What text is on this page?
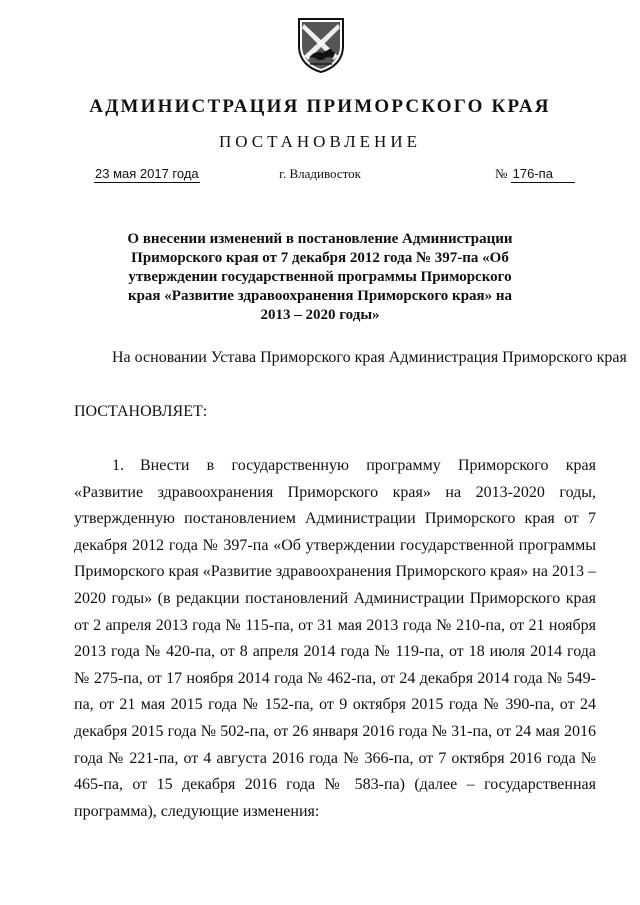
АДМИНИСТРАЦИЯ ПРИМОРСКОГО КРАЯ
ПОСТАНОВЛЕНИЕ
23 мая 2017 года	г. Владивосток	№ 176-па
О внесении изменений в постановление Администрации Приморского края от 7 декабря 2012 года № 397-па «Об утверждении государственной программы Приморского края «Развитие здравоохранения Приморского края» на 2013 – 2020 годы»
На основании Устава Приморского края Администрация Приморского края
ПОСТАНОВЛЯЕТ:
1. Внести в государственную программу Приморского края «Развитие здравоохранения Приморского края» на 2013-2020 годы, утвержденную постановлением Администрации Приморского края от 7 декабря 2012 года № 397-па «Об утверждении государственной программы Приморского края «Развитие здравоохранения Приморского края» на 2013 – 2020 годы» (в редакции постановлений Администрации Приморского края от 2 апреля 2013 года № 115-па, от 31 мая 2013 года № 210-па, от 21 ноября 2013 года № 420-па, от 8 апреля 2014 года № 119-па, от 18 июля 2014 года № 275-па, от 17 ноября 2014 года № 462-па, от 24 декабря 2014 года № 549-па, от 21 мая 2015 года № 152-па, от 9 октября 2015 года № 390-па, от 24 декабря 2015 года № 502-па, от 26 января 2016 года № 31-па, от 24 мая 2016 года № 221-па, от 4 августа 2016 года № 366-па, от 7 октября 2016 года № 465-па, от 15 декабря 2016 года № 583-па) (далее – государственная программа), следующие изменения:
